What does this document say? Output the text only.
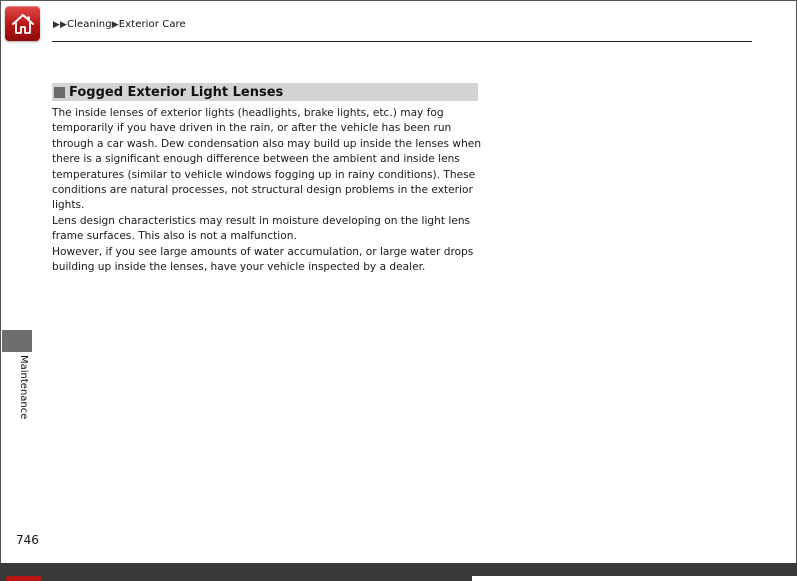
▶▶Cleaning▶Exterior Care
Fogged Exterior Light Lenses

The inside lenses of exterior lights (headlights, brake lights, etc.) may fog temporarily if you have driven in the rain, or after the vehicle has been run through a car wash. Dew condensation also may build up inside the lenses when there is a significant enough difference between the ambient and inside lens temperatures (similar to vehicle windows fogging up in rainy conditions). These conditions are natural processes, not structural design problems in the exterior lights.

Lens design characteristics may result in moisture developing on the light lens frame surfaces. This also is not a malfunction.

However, if you see large amounts of water accumulation, or large water drops building up inside the lenses, have your vehicle inspected by a dealer.

Maintenance
746
